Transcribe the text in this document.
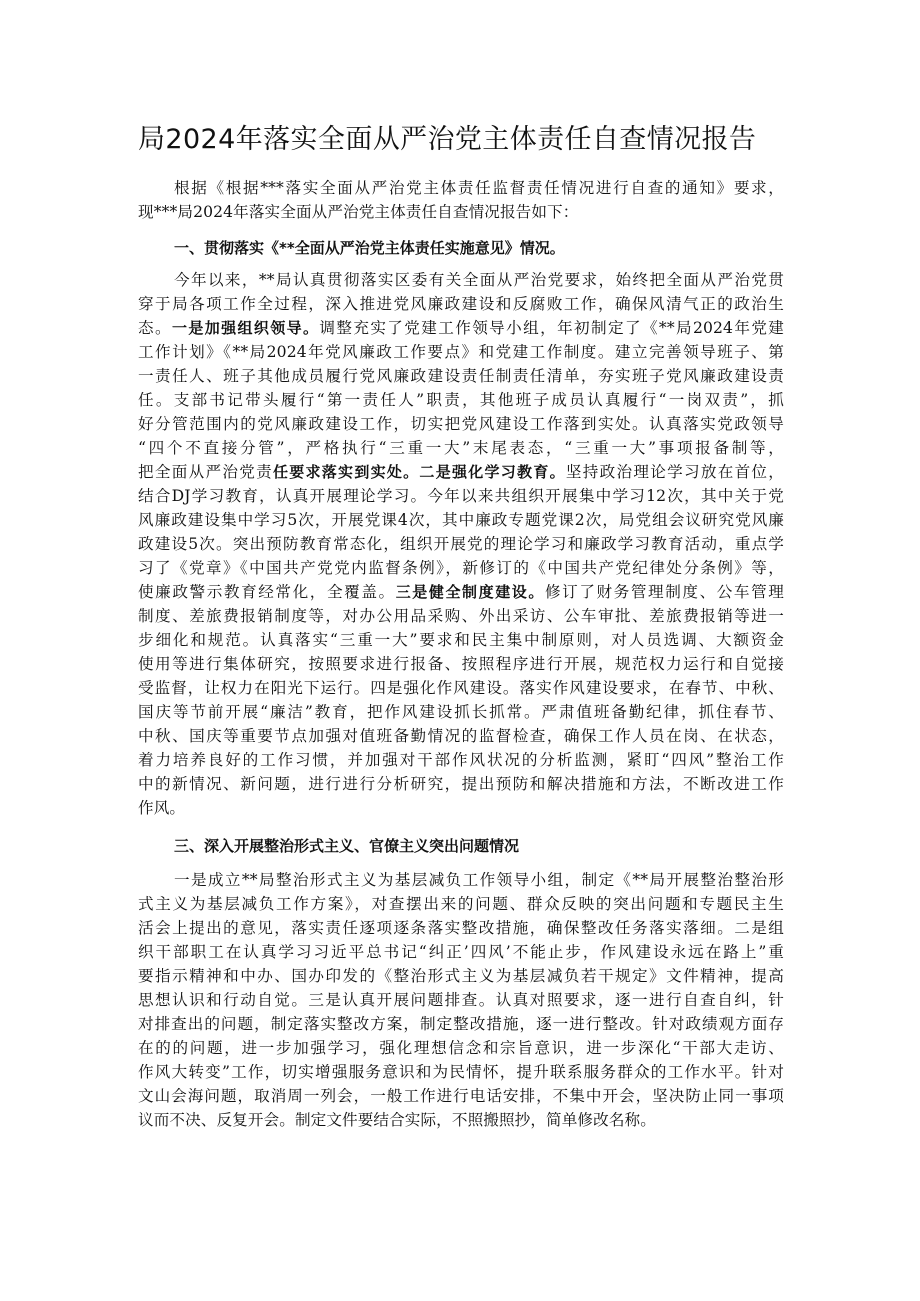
局2024年落实全面从严治党主体责任自查情况报告
根据《根据***落实全面从严治党主体责任监督责任情况进行自查的通知》要求，
现***局2024年落实全面从严治党主体责任自查情况报告如下：
一、贯彻落实《**全面从严治党主体责任实施意见》情况。
今年以来，**局认真贯彻落实区委有关全面从严治党要求，始终把全面从严治党贯
穿于局各项工作全过程，深入推进党风廉政建设和反腐败工作，确保风清气正的政治生
态。一是加强组织领导。调整充实了党建工作领导小组，年初制定了《**局2024年党建
工作计划》《**局2024年党风廉政工作要点》和党建工作制度。建立完善领导班子、第
一责任人、班子其他成员履行党风廉政建设责任制责任清单，夯实班子党风廉政建设责
任。支部书记带头履行“第一责任人”职责，其他班子成员认真履行“一岗双责”，抓
好分管范围内的党风廉政建设工作，切实把党风建设工作落到实处。认真落实党政领导
“四个不直接分管”，严格执行“三重一大”末尾表态，“三重一大”事项报备制等，
把全面从严治党责任要求落实到实处。二是强化学习教育。坚持政治理论学习放在首位，
结合DJ学习教育，认真开展理论学习。今年以来共组织开展集中学习12次，其中关于党
风廉政建设集中学习5次，开展党课4次，其中廉政专题党课2次，局党组会议研究党风廉
政建设5次。突出预防教育常态化，组织开展党的理论学习和廉政学习教育活动，重点学
习了《党章》《中国共产党党内监督条例》，新修订的《中国共产党纪律处分条例》等，
使廉政警示教育经常化，全覆盖。三是健全制度建设。修订了财务管理制度、公车管理
制度、差旅费报销制度等，对办公用品采购、外出采访、公车审批、差旅费报销等进一
步细化和规范。认真落实“三重一大”要求和民主集中制原则，对人员选调、大额资金
使用等进行集体研究，按照要求进行报备、按照程序进行开展，规范权力运行和自觉接
受监督，让权力在阳光下运行。四是强化作风建设。落实作风建设要求，在春节、中秋、
国庆等节前开展“廉洁”教育，把作风建设抓长抓常。严肃值班备勤纪律，抓住春节、
中秋、国庆等重要节点加强对值班备勤情况的监督检查，确保工作人员在岗、在状态，
着力培养良好的工作习惯，并加强对干部作风状况的分析监测，紧盯“四风”整治工作
中的新情况、新问题，进行进行分析研究，提出预防和解决措施和方法，不断改进工作
作风。
三、深入开展整治形式主义、官僚主义突出问题情况
一是成立**局整治形式主义为基层减负工作领导小组，制定《**局开展整治整治形
式主义为基层减负工作方案》，对查摆出来的问题、群众反映的突出问题和专题民主生
活会上提出的意见，落实责任逐项逐条落实整改措施，确保整改任务落实落细。二是组
织干部职工在认真学习习近平总书记“纠正’四风’不能止步，作风建设永远在路上”重
要指示精神和中办、国办印发的《整治形式主义为基层减负若干规定》文件精神，提高
思想认识和行动自觉。三是认真开展问题排查。认真对照要求，逐一进行自查自纠，针
对排查出的问题，制定落实整改方案，制定整改措施，逐一进行整改。针对政绩观方面存
在的的问题，进一步加强学习，强化理想信念和宗旨意识，进一步深化“干部大走访、
作风大转变”工作，切实增强服务意识和为民情怀，提升联系服务群众的工作水平。针对
文山会海问题，取消周一列会，一般工作进行电话安排，不集中开会，坚决防止同一事项
议而不决、反复开会。制定文件要结合实际，不照搬照抄，简单修改名称。
